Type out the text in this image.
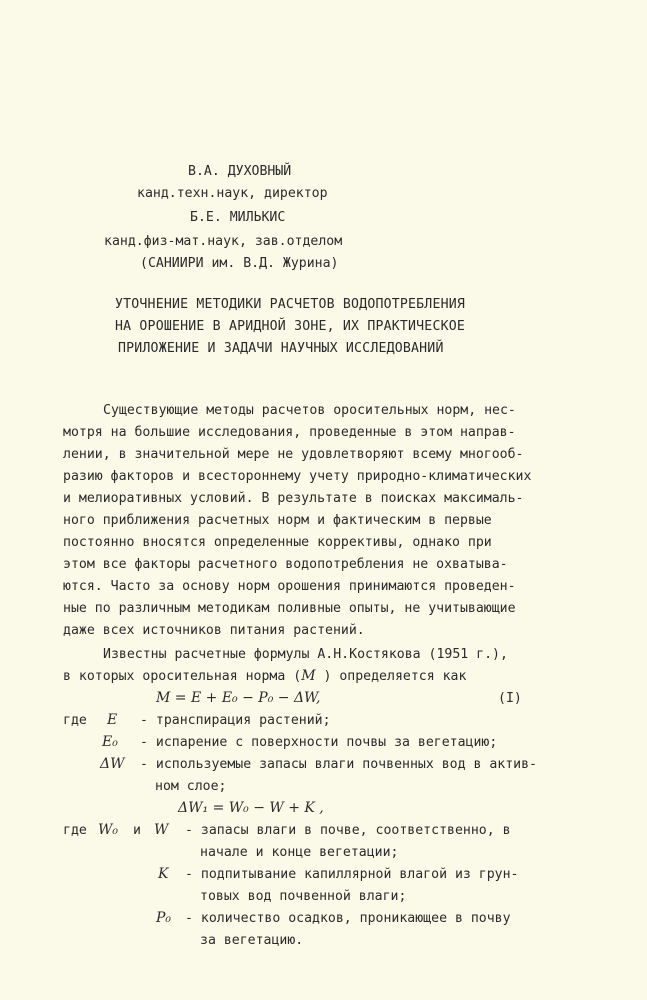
В.А. ДУХОВНЫЙ
канд.техн.наук, директор
Б.Е. МИЛЬКИС
канд.физ-мат.наук, зав.отделом
(САНИИРИ им. В.Д. Журина)
УТОЧНЕНИЕ МЕТОДИКИ РАСЧЕТОВ ВОДОПОТРЕБЛЕНИЯ
НА ОРОШЕНИЕ В АРИДНОЙ ЗОНЕ, ИХ ПРАКТИЧЕСКОЕ
ПРИЛОЖЕНИЕ И ЗАДАЧИ НАУЧНЫХ ИССЛЕДОВАНИЙ
Существующие методы расчетов оросительных норм, нес-
мотря на большие исследования, проведенные в этом направ-
лении, в значительной мере не удовлетворяют всему многооб-
разию факторов и всестороннему учету природно-климатических
и мелиоративных условий. В результате в поисках максималь-
ного приближения расчетных норм и фактическим в первые
постоянно вносятся определенные коррективы, однако при
этом все факторы расчетного водопотребления не охватыва-
ются. Часто за основу норм орошения принимаются проведен-
ные по различным методикам поливные опыты, не учитывающие
даже всех источников питания растений.
Известны расчетные формулы А.Н.Костякова (1951 г.),
в которых оросительная норма (M ) определяется как
M = E + E₀ − P₀ − ΔW,	(I)
где E - транспирация растений;
E₀ - испарение с поверхности почвы за вегетацию;
ΔW - используемые запасы влаги почвенных вод в актив-
ном слое;
ΔW₁ = W₀ − W + K ,
где W₀ и W - запасы влаги в почве, соответственно, в
начале и конце вегетации;
K - подпитывание капиллярной влагой из грун-
товых вод почвенной влаги;
P₀ - количество осадков, проникающее в почву
за вегетацию.
